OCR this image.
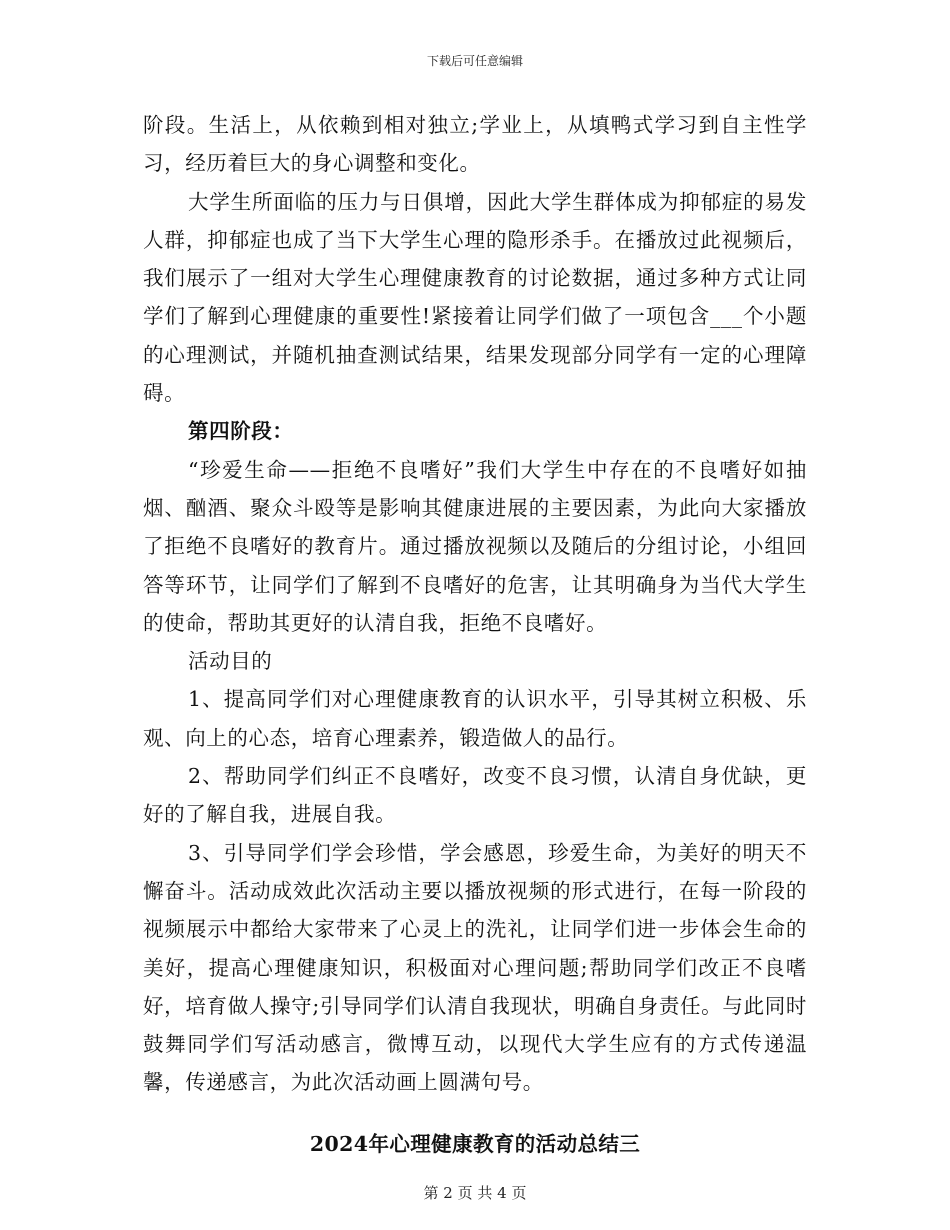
下载后可任意编辑

阶段。生活上，从依赖到相对独立;学业上，从填鸭式学习到自主性学习，经历着巨大的身心调整和变化。

大学生所面临的压力与日俱增，因此大学生群体成为抑郁症的易发人群，抑郁症也成了当下大学生心理的隐形杀手。在播放过此视频后，我们展示了一组对大学生心理健康教育的讨论数据，通过多种方式让同学们了解到心理健康的重要性!紧接着让同学们做了一项包含___个小题的心理测试，并随机抽查测试结果，结果发现部分同学有一定的心理障碍。

第四阶段：

“珍爱生命——拒绝不良嗜好”我们大学生中存在的不良嗜好如抽烟、酗酒、聚众斗殴等是影响其健康进展的主要因素，为此向大家播放了拒绝不良嗜好的教育片。通过播放视频以及随后的分组讨论，小组回答等环节，让同学们了解到不良嗜好的危害，让其明确身为当代大学生的使命，帮助其更好的认清自我，拒绝不良嗜好。

活动目的

1、提高同学们对心理健康教育的认识水平，引导其树立积极、乐观、向上的心态，培育心理素养，锻造做人的品行。

2、帮助同学们纠正不良嗜好，改变不良习惯，认清自身优缺，更好的了解自我，进展自我。

3、引导同学们学会珍惜，学会感恩，珍爱生命，为美好的明天不懈奋斗。活动成效此次活动主要以播放视频的形式进行，在每一阶段的视频展示中都给大家带来了心灵上的洗礼，让同学们进一步体会生命的美好，提高心理健康知识，积极面对心理问题;帮助同学们改正不良嗜好，培育做人操守;引导同学们认清自我现状，明确自身责任。与此同时鼓舞同学们写活动感言，微博互动，以现代大学生应有的方式传递温馨，传递感言，为此次活动画上圆满句号。

2024年心理健康教育的活动总结三
第 2 页 共 4 页
